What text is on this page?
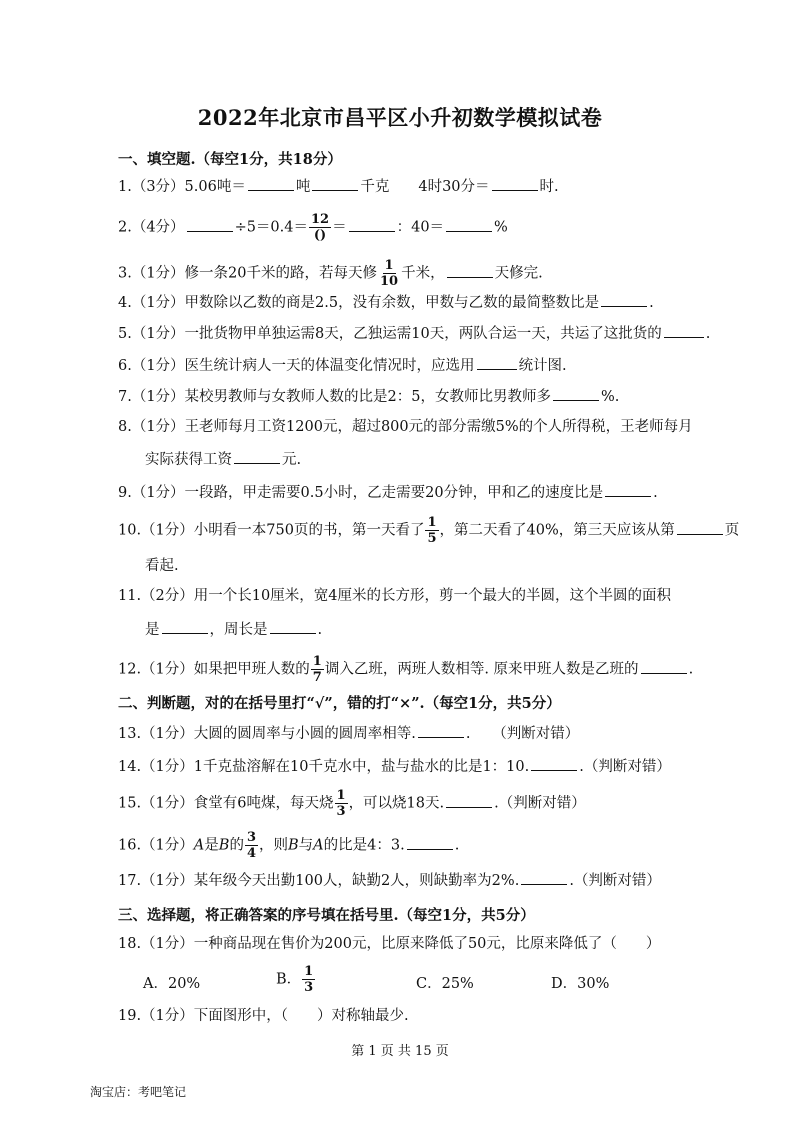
2022年北京市昌平区小升初数学模拟试卷
一、填空题.（每空1分，共18分）
1.（3分）5.06吨＝	吨	千克　　4时30分＝	时.
2.（4分）	$\div 5=0.4= \frac{12}{()}$ ＝	：40＝	%
3.（1分）修一条20千米的路，若每天修 $\frac{1}{10}$ 千米，	天修完.
4.（1分）甲数除以乙数的商是2.5，没有余数，甲数与乙数的最简整数比是	.
5.（1分）一批货物甲单独运需8天，乙独运需10天，两队合运一天，共运了这批货的	.
6.（1分）医生统计病人一天的体温变化情况时，应选用	统计图.
7.（1分）某校男教师与女教师人数的比是2：5，女教师比男教师多	%.
8.（1分）王老师每月工资1200元，超过800元的部分需缴5%的个人所得税，王老师每月
实际获得工资	元.
9.（1分）一段路，甲走需要0.5小时，乙走需要20分钟，甲和乙的速度比是	.
10.（1分）小明看一本750页的书，第一天看了 $\frac{1}{5}$ ，第二天看了40%，第三天应该从第	页
看起.
11.（2分）用一个长10厘米，宽4厘米的长方形，剪一个最大的半圆，这个半圆的面积
是	，周长是	.
12.（1分）如果把甲班人数的 $\frac{1}{7}$ 调入乙班，两班人数相等. 原来甲班人数是乙班的	.
二、判断题，对的在括号里打“√”，错的打“×”.（每空1分，共5分）
13.（1分）大圆的圆周率与小圆的圆周率相等.	.　　（判断对错）
14.（1分）1千克盐溶解在10千克水中，盐与盐水的比是1：10.	.（判断对错）
15.（1分）食堂有6吨煤，每天烧 $\frac{1}{3}$ ，可以烧18天.	.（判断对错）
16.（1分）A是B的 $\frac{3}{4}$ ，则B与A的比是4：3.	.
17.（1分）某年级今天出勤100人，缺勤2人，则缺勤率为2%.	.（判断对错）
三、选择题，将正确答案的序号填在括号里.（每空1分，共5分）
18.（1分）一种商品现在售价为200元，比原来降低了50元，比原来降低了（　　）
A．20%	B． $\frac{1}{3}$	C．25%	D．30%
19.（1分）下面图形中，（　　）对称轴最少.
第 1 页 共 15 页
淘宝店：考吧笔记
